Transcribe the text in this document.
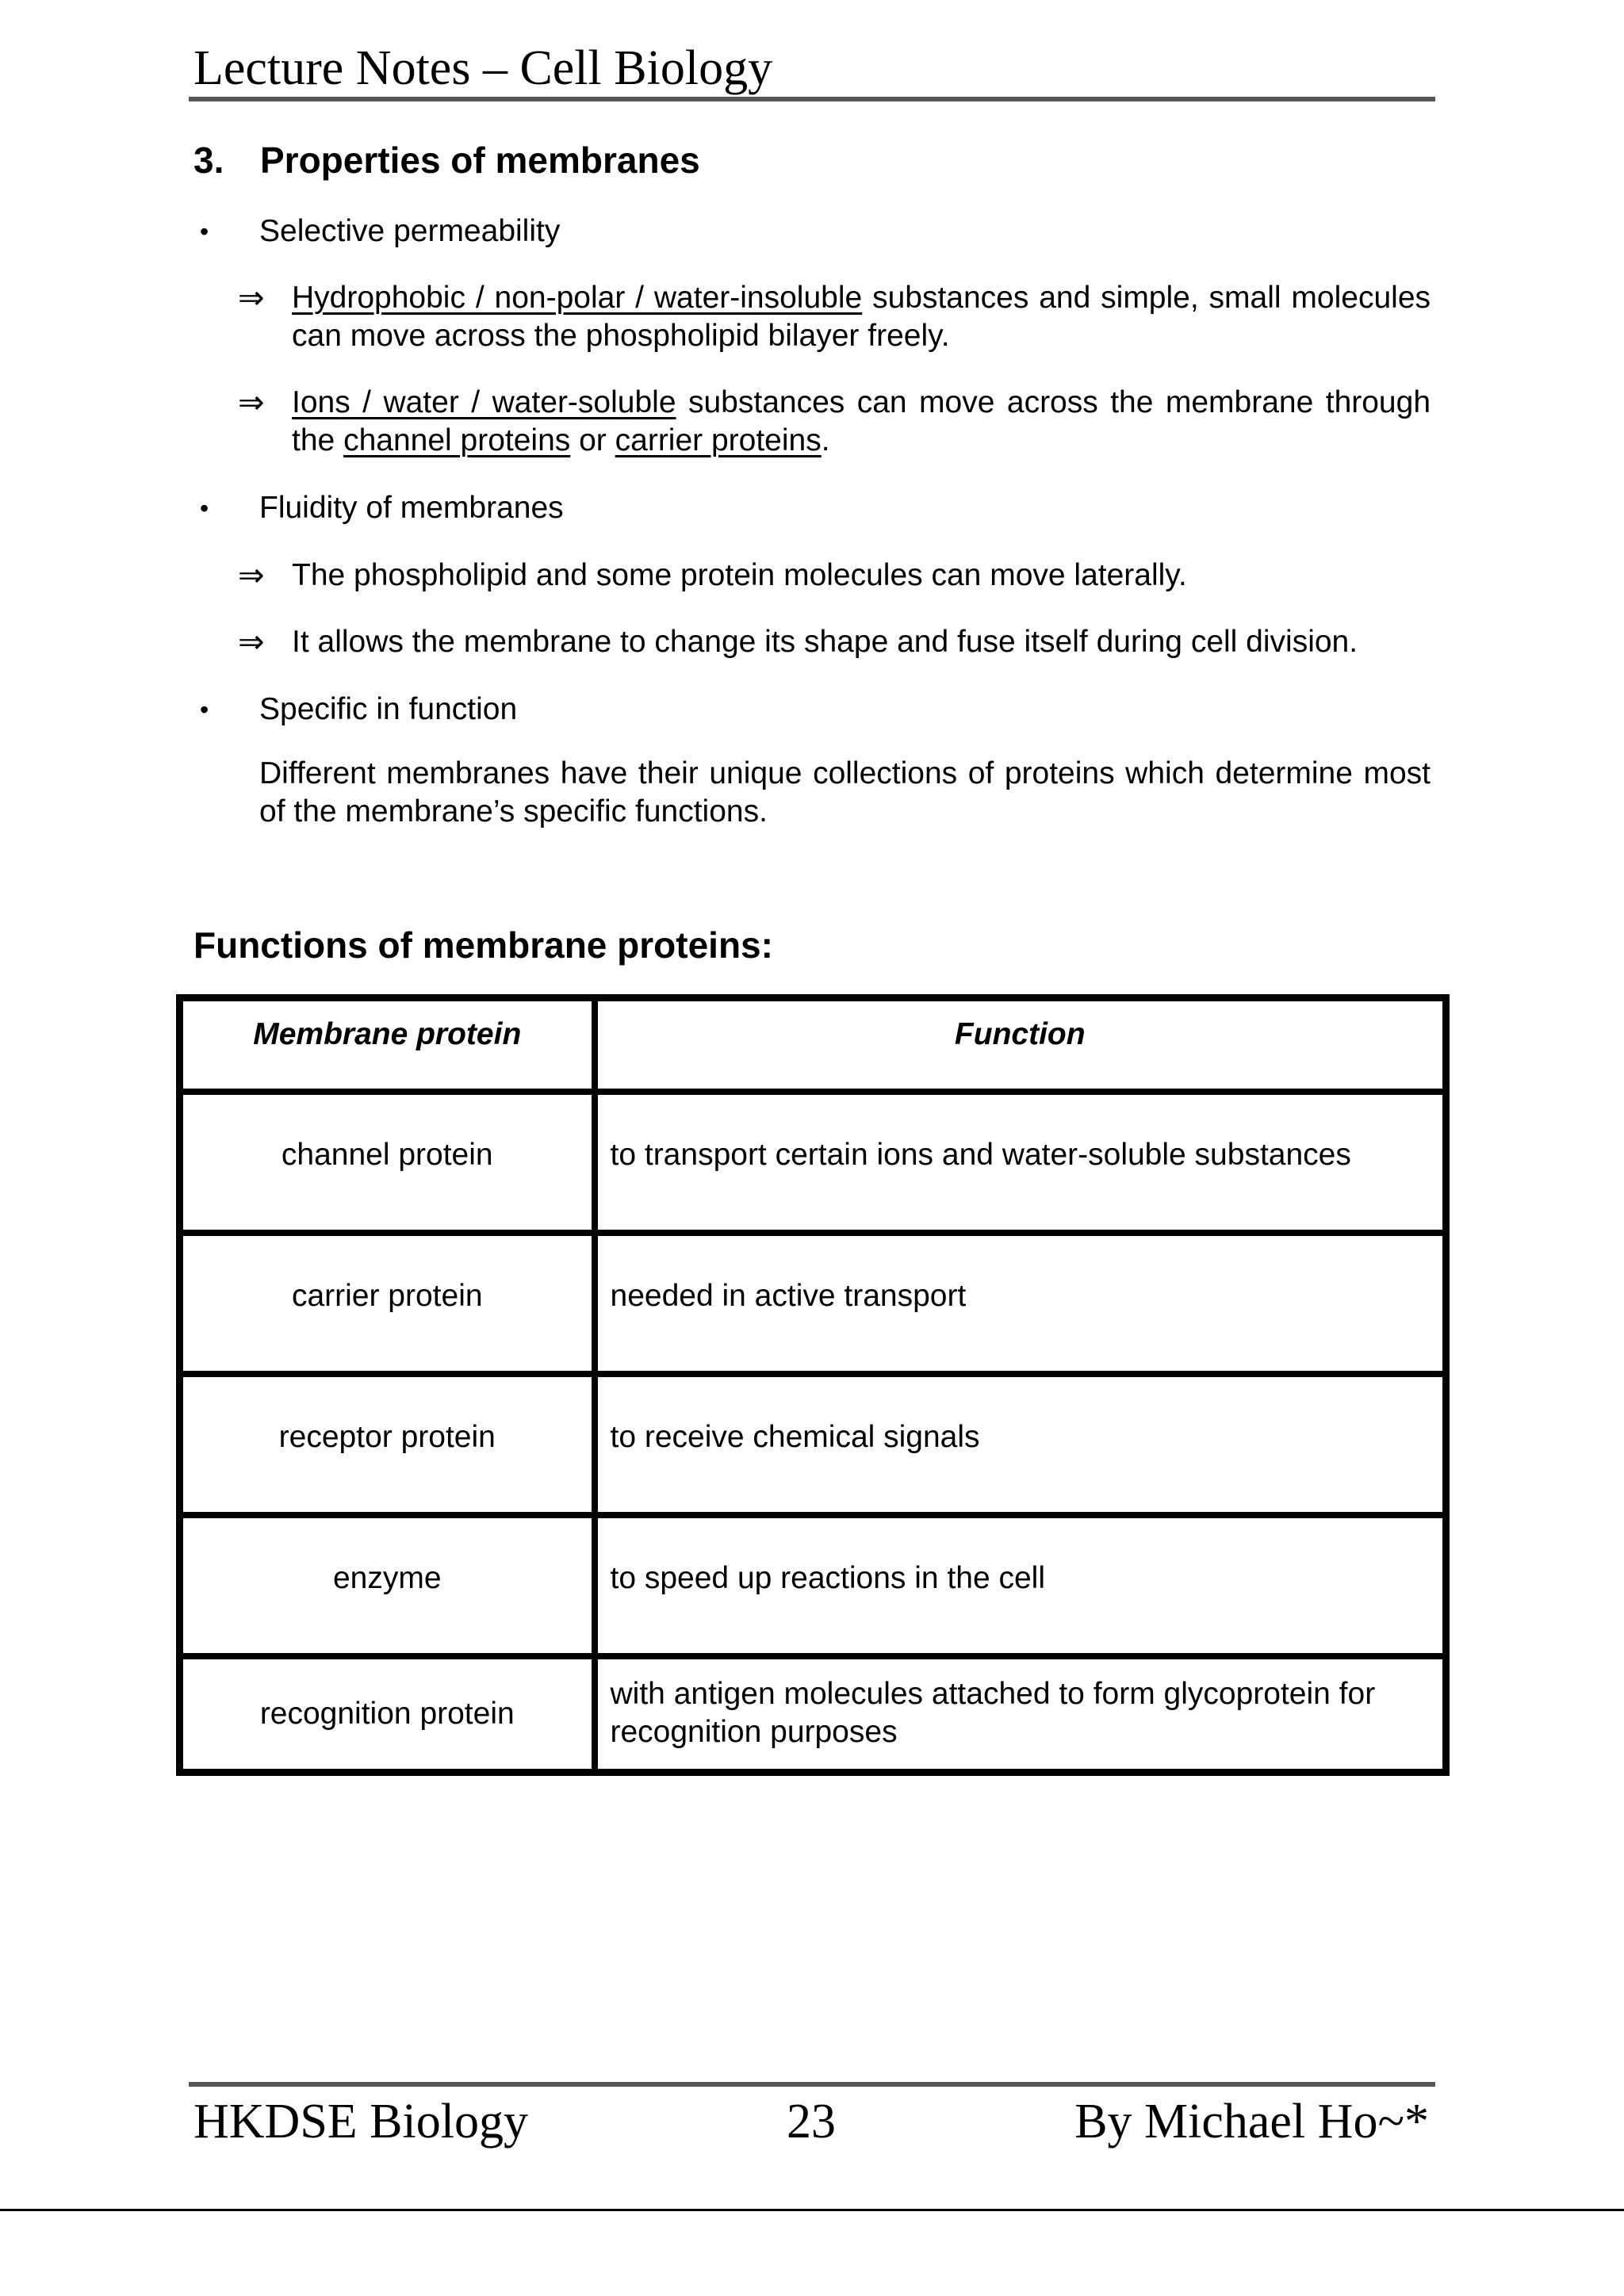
Lecture Notes – Cell Biology
3. Properties of membranes
• Selective permeability
⇒ Hydrophobic / non-polar / water-insoluble substances and simple, small molecules can move across the phospholipid bilayer freely.
⇒ Ions / water / water-soluble substances can move across the membrane through the channel proteins or carrier proteins.
• Fluidity of membranes
⇒ The phospholipid and some protein molecules can move laterally.
⇒ It allows the membrane to change its shape and fuse itself during cell division.
• Specific in function
Different membranes have their unique collections of proteins which determine most of the membrane’s specific functions.
Functions of membrane proteins:
Membrane protein	Function
channel protein	to transport certain ions and water-soluble substances
carrier protein	needed in active transport
receptor protein	to receive chemical signals
enzyme	to speed up reactions in the cell
recognition protein	with antigen molecules attached to form glycoprotein for recognition purposes
HKDSE Biology	23	By Michael Ho~*
